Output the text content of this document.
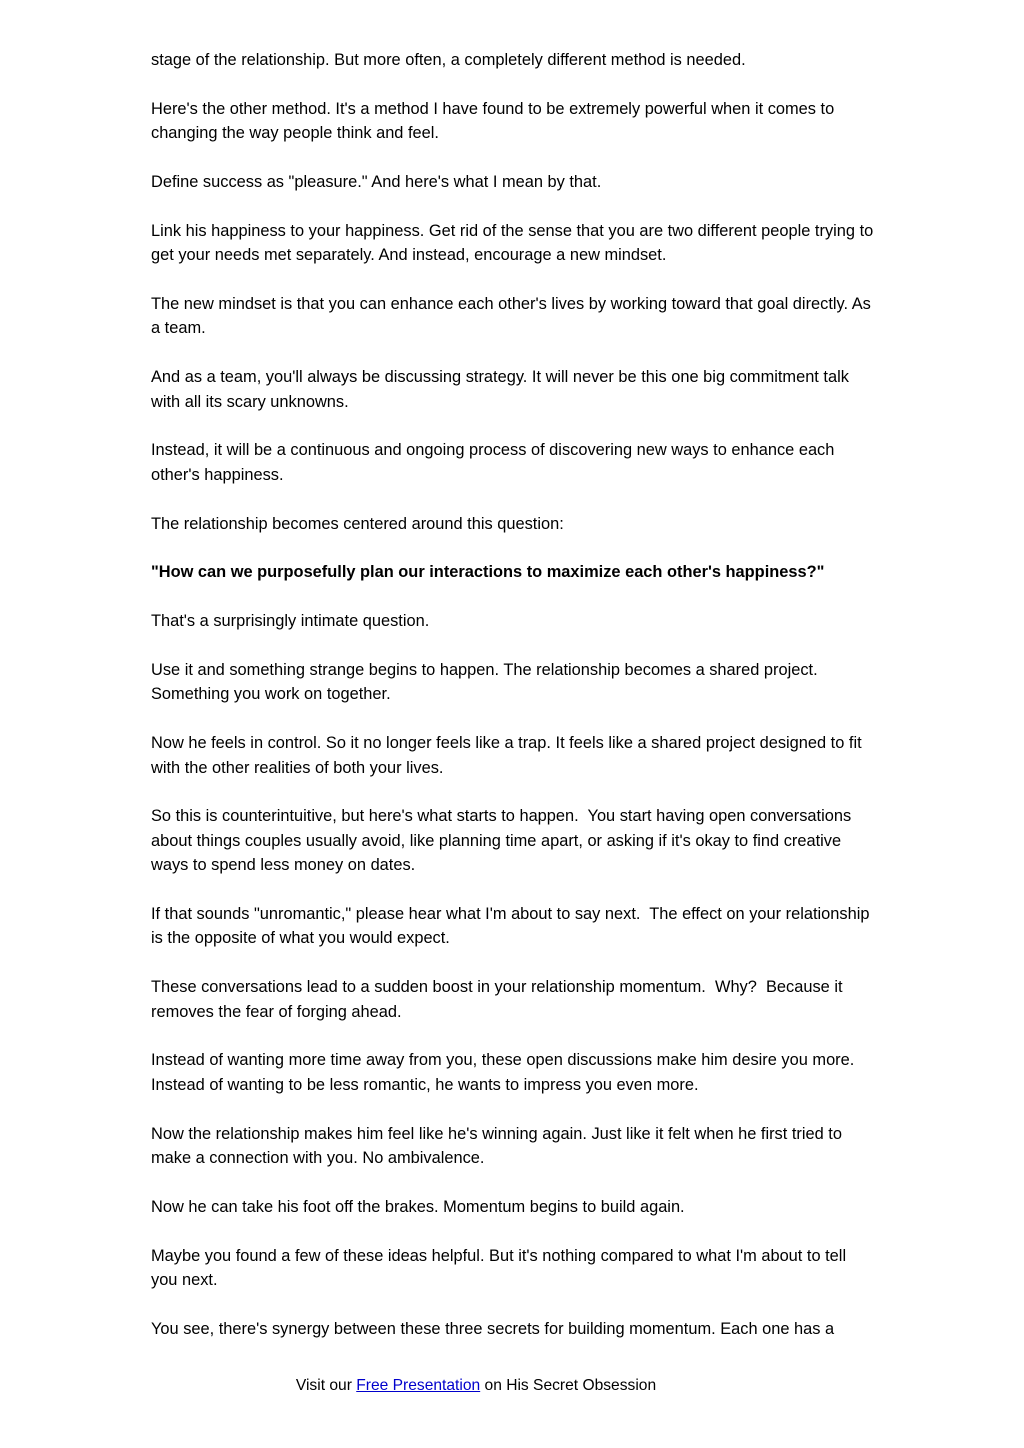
stage of the relationship. But more often, a completely different method is needed.

Here's the other method. It's a method I have found to be extremely powerful when it comes to changing the way people think and feel.

Define success as "pleasure." And here's what I mean by that.

Link his happiness to your happiness. Get rid of the sense that you are two different people trying to get your needs met separately. And instead, encourage a new mindset.

The new mindset is that you can enhance each other's lives by working toward that goal directly. As a team.

And as a team, you'll always be discussing strategy. It will never be this one big commitment talk with all its scary unknowns.

Instead, it will be a continuous and ongoing process of discovering new ways to enhance each other's happiness.

The relationship becomes centered around this question:

"How can we purposefully plan our interactions to maximize each other's happiness?"

That's a surprisingly intimate question.

Use it and something strange begins to happen. The relationship becomes a shared project. Something you work on together.

Now he feels in control. So it no longer feels like a trap. It feels like a shared project designed to fit with the other realities of both your lives.

So this is counterintuitive, but here's what starts to happen.  You start having open conversations about things couples usually avoid, like planning time apart, or asking if it's okay to find creative ways to spend less money on dates.

If that sounds "unromantic," please hear what I'm about to say next.  The effect on your relationship is the opposite of what you would expect.

These conversations lead to a sudden boost in your relationship momentum.  Why?  Because it removes the fear of forging ahead.

Instead of wanting more time away from you, these open discussions make him desire you more.  Instead of wanting to be less romantic, he wants to impress you even more.

Now the relationship makes him feel like he's winning again. Just like it felt when he first tried to make a connection with you. No ambivalence.

Now he can take his foot off the brakes. Momentum begins to build again.

Maybe you found a few of these ideas helpful. But it's nothing compared to what I'm about to tell you next.

You see, there's synergy between these three secrets for building momentum. Each one has a

Visit our Free Presentation on His Secret Obsession
